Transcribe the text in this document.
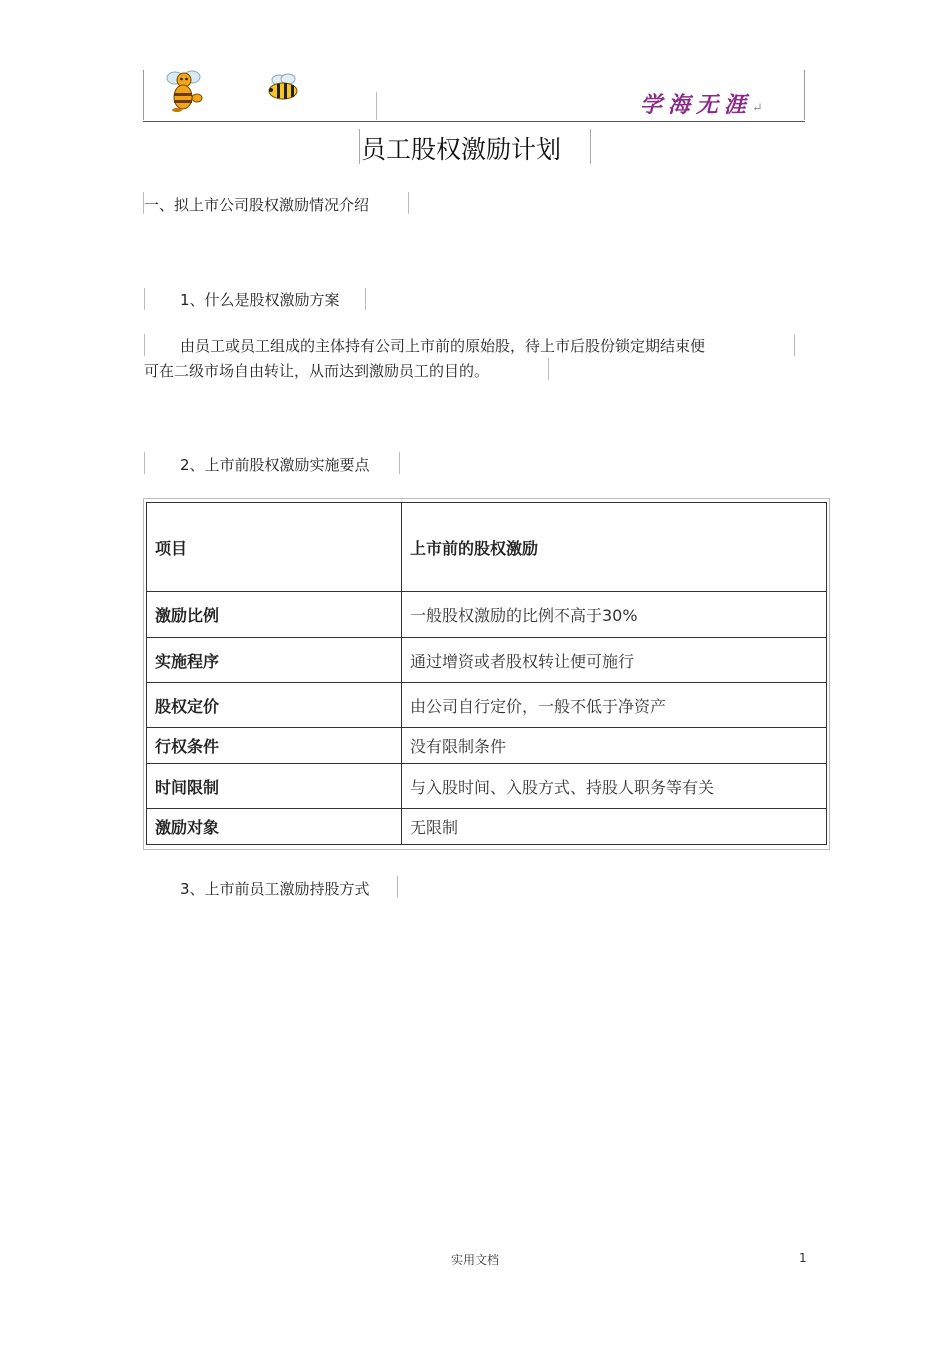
学海无涯↵
员工股权激励计划
一、拟上市公司股权激励情况介绍
1、什么是股权激励方案
由员工或员工组成的主体持有公司上市前的原始股，待上市后股份锁定期结束便
可在二级市场自由转让，从而达到激励员工的目的。
2、上市前股权激励实施要点
项目	上市前的股权激励
激励比例	一般股权激励的比例不高于30%
实施程序	通过增资或者股权转让便可施行
股权定价	由公司自行定价，一般不低于净资产
行权条件	没有限制条件
时间限制	与入股时间、入股方式、持股人职务等有关
激励对象	无限制
3、上市前员工激励持股方式
实用文档	1
